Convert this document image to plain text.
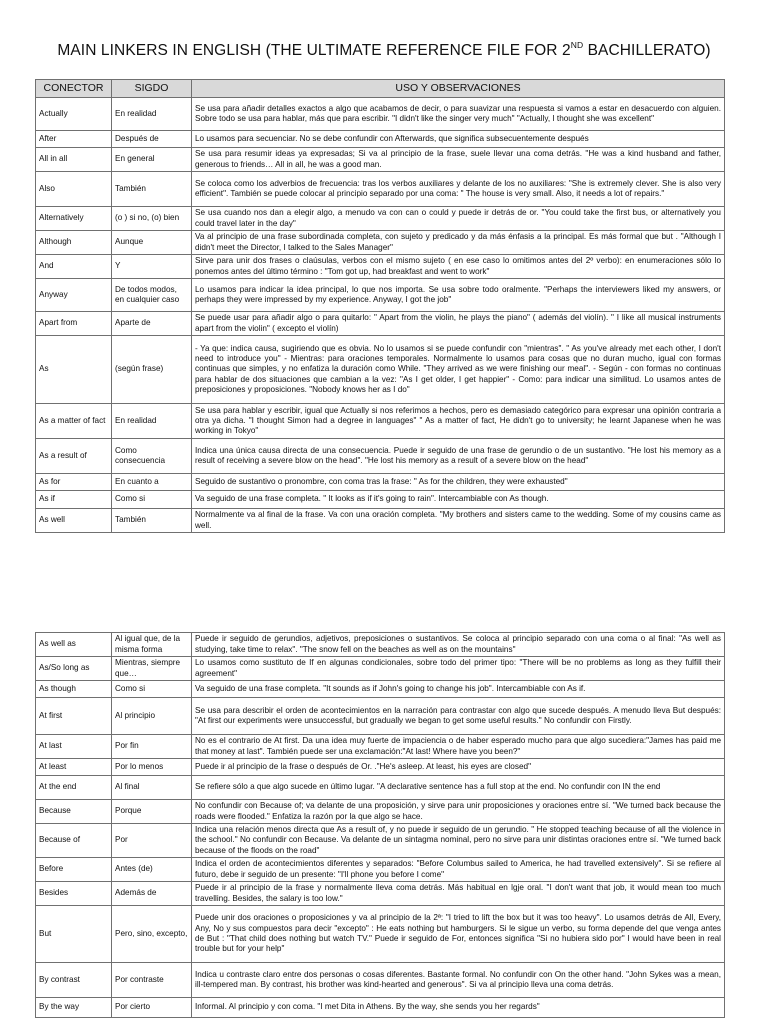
MAIN LINKERS IN ENGLISH (THE ULTIMATE REFERENCE FILE FOR 2ND BACHILLERATO)
CONECTOR	SIGDO	USO Y OBSERVACIONES
Actually	En realidad	Se usa para añadir detalles exactos a algo que acabamos de decir, o para suavizar una respuesta si vamos a estar en desacuerdo con alguien. Sobre todo se usa para hablar, más que para escribir. "I didn't like the singer very much" "Actually, I thought she was excellent"
After	Después de	Lo usamos para secuenciar. No se debe confundir con Afterwards, que significa subsecuentemente después
All in all	En general	Se usa para resumir ideas ya expresadas; Si va al principio de la frase, suele llevar una coma detrás. "He was a kind husband and father, generous to friends… All in all, he was a good man.
Also	También	Se coloca como los adverbios de frecuencia: tras los verbos auxiliares y delante de los no auxiliares: "She is extremely clever. She is also very efficient". También se puede colocar al principio separado por una coma: " The house is very small. Also, it needs a lot of repairs."
Alternatively	(o ) si no, (o) bien	Se usa cuando nos dan a elegir algo, a menudo va con can o could y puede ir detrás de or. "You could take the first bus, or alternatively you could travel later in the day"
Although	Aunque	Va al principio de una frase subordinada completa, con sujeto y predicado y da más énfasis a la principal. Es más formal que but . "Although I didn't meet the Director, I talked to the Sales Manager"
And	Y	Sirve para unir dos frases o claúsulas, verbos con el mismo sujeto ( en ese caso lo omitimos antes del 2º verbo): en enumeraciones sólo lo ponemos antes del último término : "Tom got up, had breakfast and went to work"
Anyway	De todos modos, en cualquier caso	Lo usamos para indicar la idea principal, lo que nos importa. Se usa sobre todo oralmente. "Perhaps the interviewers liked my answers, or perhaps they were impressed by my experience. Anyway, I got the job"
Apart from	Aparte de	Se puede usar para añadir algo o para quitarlo: " Apart from the violin, he plays the piano" ( además del violín). " I like all musical instruments apart from the violin" ( excepto el violín)
As	(según frase)	- Ya que: indica causa, sugiriendo que es obvia. No lo usamos si se puede confundir con "mientras". " As you've already met each other, I don't need to introduce you" - Mientras: para oraciones temporales. Normalmente lo usamos para cosas que no duran mucho, igual con formas continuas que simples, y no enfatiza la duración como While. "They arrived as we were finishing our meal". - Según - con formas no continuas para hablar de dos situaciones que cambian a la vez: "As I get older, I get happier" - Como: para indicar una similitud. Lo usamos antes de preposiciones y proposiciones. "Nobody knows her as I do"
As a matter of fact	En realidad	Se usa para hablar y escribir, igual que Actually si nos referimos a hechos, pero es demasiado categórico para expresar una opinión contraria a otra ya dicha. "I thought Simon had a degree in languages" " As a matter of fact, He didn't go to university; he learnt Japanese when he was working in Tokyo"
As a result of	Como consecuencia	Indica una única causa directa de una consecuencia. Puede ir seguido de una frase de gerundio o de un sustantivo. "He lost his memory as a result of receiving a severe blow on the head". "He lost his memory as a result of a severe blow on the head"
As for	En cuanto a	Seguido de sustantivo o pronombre, con coma tras la frase: " As for the children, they were exhausted"
As if	Como si	Va seguido de una frase completa. " It looks as if it's going to rain". Intercambiable con As though.
As well	También	Normalmente va al final de la frase. Va con una oración completa. "My brothers and sisters came to the wedding. Some of my cousins came as well.
As well as	Al igual que, de la misma forma	Puede ir seguido de gerundios, adjetivos, preposiciones o sustantivos. Se coloca al principio separado con una coma o al final: "As well as studying, take time to relax". "The snow fell on the beaches as well as on the mountains"
As/So long as	Mientras, siempre que…	Lo usamos como sustituto de If en algunas condicionales, sobre todo del primer tipo: "There will be no problems as long as they fulfill their agreement"
As though	Como si	Va seguido de una frase completa. "It sounds as if John's going to change his job". Intercambiable con As if.
At first	Al principio	Se usa para describir el orden de acontecimientos en la narración para contrastar con algo que sucede después. A menudo lleva But después: "At first our experiments were unsuccessful, but gradually we began to get some useful results." No confundir con Firstly.
At last	Por fin	No es el contrario de At first. Da una idea muy fuerte de impaciencia o de haber esperado mucho para que algo sucediera:"James has paid me that money at last". También puede ser una exclamación:"At last! Where have you been?"
At least	Por lo menos	Puede ir al principio de la frase o después de Or. ."He's asleep. At least, his eyes are closed"
At the end	Al final	Se refiere sólo a que algo sucede en último lugar. "A declarative sentence has a full stop at the end. No confundir con IN the end
Because	Porque	No confundir con Because of; va delante de una proposición, y sirve para unir proposiciones y oraciones entre sí. "We turned back because the roads were flooded." Enfatiza la razón por la que algo se hace.
Because of	Por	Indica una relación menos directa que As a result of, y no puede ir seguido de un gerundio. " He stopped teaching because of all the violence in the school." No confundir con Because. Va delante de un sintagma nominal, pero no sirve para unir distintas oraciones entre sí. "We turned back because of the floods on the road"
Before	Antes (de)	Indica el orden de acontecimientos diferentes y separados: "Before Columbus sailed to America, he had travelled extensively". Si se refiere al futuro, debe ir seguido de un presente: "I'll phone you before I come"
Besides	Además de	Puede ir al principio de la frase y normalmente lleva coma detrás. Más habitual en lgje oral. "I don't want that job, it would mean too much travelling. Besides, the salary is too low."
But	Pero, sino, excepto,	Puede unir dos oraciones o proposiciones y va al principio de la 2ª: "I tried to lift the box but it was too heavy". Lo usamos detrás de All, Every, Any, No y sus compuestos para decir "excepto" : He eats nothing but hamburgers. Si le sigue un verbo, su forma depende del que venga antes de But : "That child does nothing but watch TV." Puede ir seguido de For, entonces significa "Si no hubiera sido por" I would have been in real trouble but for your help"
By contrast	Por contraste	Indica u contraste claro entre dos personas o cosas diferentes. Bastante formal. No confundir con On the other hand. "John Sykes was a mean, ill-tempered man. By contrast, his brother was kind-hearted and generous". Si va al principio lleva una coma detrás.
By the way	Por cierto	Informal. Al principio y con coma. "I met Dita in Athens. By the way, she sends you her regards"
